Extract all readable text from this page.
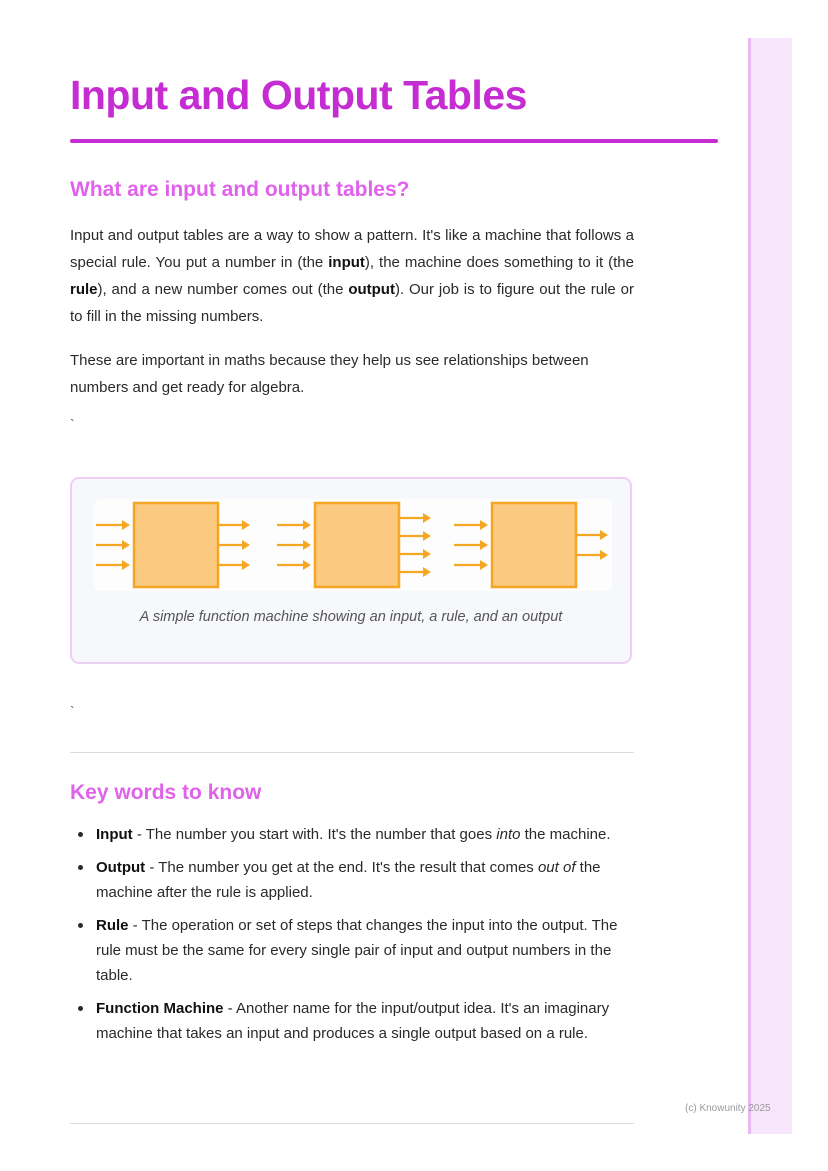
Input and Output Tables
What are input and output tables?

Input and output tables are a way to show a pattern. It's like a machine that follows a special rule. You put a number in (the input), the machine does something to it (the rule), and a new number comes out (the output). Our job is to figure out the rule or to fill in the missing numbers.

These are important in maths because they help us see relationships between numbers and get ready for algebra.

`

A simple function machine showing an input, a rule, and an output

`
Key words to know
Input - The number you start with. It's the number that goes into the machine.
Output - The number you get at the end. It's the result that comes out of the machine after the rule is applied.
Rule - The operation or set of steps that changes the input into the output. The rule must be the same for every single pair of input and output numbers in the table.
Function Machine - Another name for the input/output idea. It's an imaginary machine that takes an input and produces a single output based on a rule.
(c) Knowunity 2025
